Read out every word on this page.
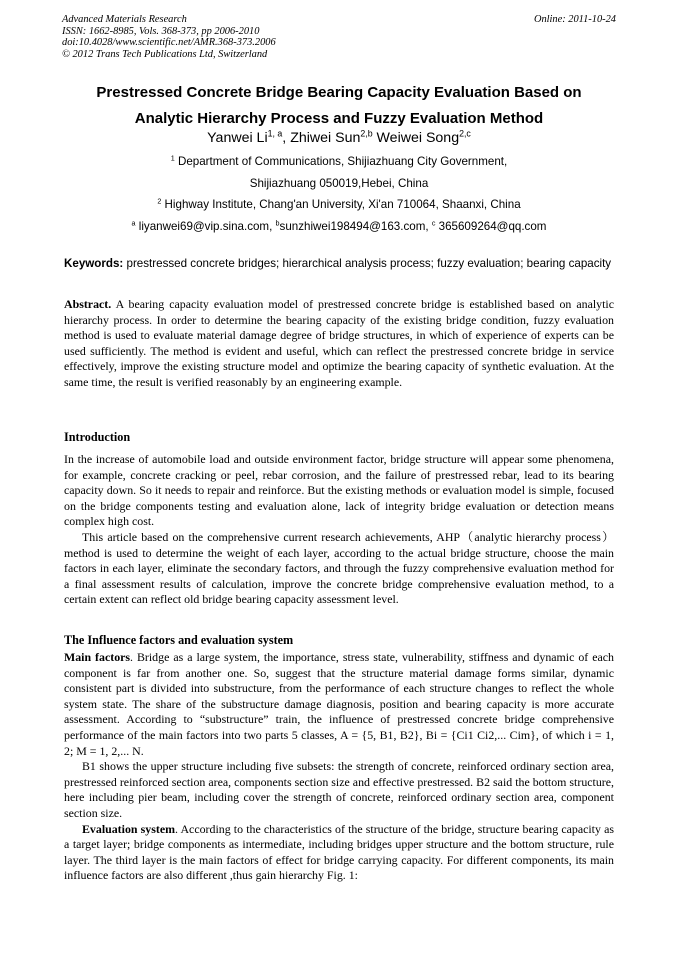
Advanced Materials Research
ISSN: 1662-8985, Vols. 368-373, pp 2006-2010
doi:10.4028/www.scientific.net/AMR.368-373.2006
© 2012 Trans Tech Publications Ltd, Switzerland
Online: 2011-10-24
Prestressed Concrete Bridge Bearing Capacity Evaluation Based on
Analytic Hierarchy Process and Fuzzy Evaluation Method
Yanwei Li$^{1, a}$, Zhiwei Sun$^{2,b}$ Weiwei Song$^{2,c}$
$^1$ Department of Communications, Shijiazhuang City Government,
Shijiazhuang 050019,Hebei, China
$^2$ Highway Institute, Chang'an University, Xi'an 710064, Shaanxi, China
$^a$ liyanwei69@vip.sina.com, $^b$sunzhiwei198494@163.com, $^c$ 365609264@qq.com
Keywords: prestressed concrete bridges; hierarchical analysis process; fuzzy evaluation; bearing capacity

Abstract. A bearing capacity evaluation model of prestressed concrete bridge is established based on analytic hierarchy process. In order to determine the bearing capacity of the existing bridge condition, fuzzy evaluation method is used to evaluate material damage degree of bridge structures, in which of experience of experts can be used sufficiently. The method is evident and useful, which can reflect the prestressed concrete bridge in service effectively, improve the existing structure model and optimize the bearing capacity of synthetic evaluation. At the same time, the result is verified reasonably by an engineering example.

Introduction

In the increase of automobile load and outside environment factor, bridge structure will appear some phenomena, for example, concrete cracking or peel, rebar corrosion, and the failure of prestressed rebar, lead to its bearing capacity down. So it needs to repair and reinforce. But the existing methods or evaluation model is simple, focused on the bridge components testing and evaluation alone, lack of integrity bridge evaluation or detection means complex high cost.

This article based on the comprehensive current research achievements, AHP（analytic hierarchy process） method is used to determine the weight of each layer, according to the actual bridge structure, choose the main factors in each layer, eliminate the secondary factors, and through the fuzzy comprehensive evaluation method for a final assessment results of calculation, improve the concrete bridge comprehensive evaluation method, to a certain extent can reflect old bridge bearing capacity assessment level.

The Influence factors and evaluation system

Main factors. Bridge as a large system, the importance, stress state, vulnerability, stiffness and dynamic of each component is far from another one. So, suggest that the structure material damage forms similar, dynamic consistent part is divided into substructure, from the performance of each structure changes to reflect the whole system state. The share of the substructure damage diagnosis, position and bearing capacity is more accurate assessment. According to “substructure” train, the influence of prestressed concrete bridge comprehensive performance of the main factors into two parts 5 classes, A = {5, B1, B2}, Bi = {Ci1 Ci2,... Cim}, of which i = 1, 2; M = 1, 2,... N.

B1 shows the upper structure including five subsets: the strength of concrete, reinforced ordinary section area, prestressed reinforced section area, components section size and effective prestressed. B2 said the bottom structure, here including pier beam, including cover the strength of concrete, reinforced ordinary section area, component section size.

Evaluation system. According to the characteristics of the structure of the bridge, structure bearing capacity as a target layer; bridge components as intermediate, including bridges upper structure and the bottom structure, rule layer. The third layer is the main factors of effect for bridge carrying capacity. For different components, its main influence factors are also different ,thus gain hierarchy Fig. 1:
